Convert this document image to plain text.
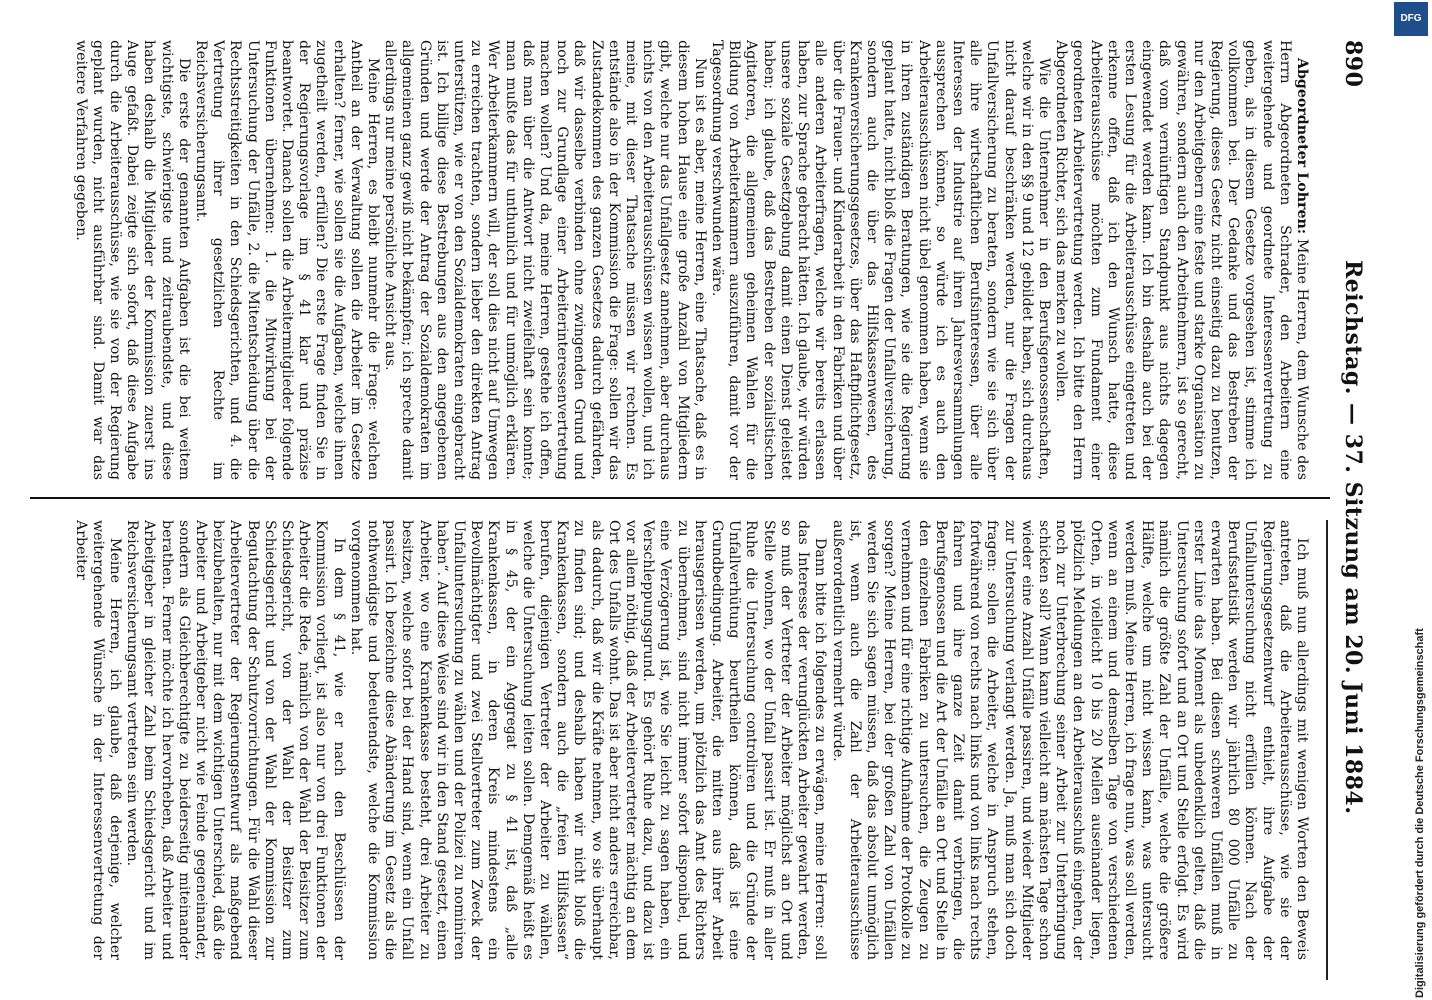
890
Reichstag. — 37. Sitzung am 20. Juni 1884.

Abgeordneter Lohren: Meine Herren, dem Wunsche des Herrn Abgeordneten Schrader, den Arbeitern eine weitergehende und geordnete Interessenvertretung zu geben, als in diesem Gesetze vorgesehen ist, stimme ich vollkommen bei. Der Gedanke und das Bestreben der Regierung, dieses Gesetz nicht einseitig dazu zu benutzen, nur den Arbeitgebern eine feste und starke Organisation zu gewähren, sondern auch den Arbeitnehmern, ist so gerecht, daß vom vernünftigen Standpunkt aus nichts dagegen eingewendet werden kann. Ich bin deshalb auch bei der ersten Lesung für die Arbeiterausschüsse eingetreten und erkenne offen, daß ich den Wunsch hatte, diese Arbeiterausschüsse möchten zum Fundament einer geordneten Arbeitervertretung werden. Ich bitte den Herrn Abgeordneten Richter, sich das merken zu wollen.

Wie die Unternehmer in den Berufsgenossenschaften, welche wir in den §§ 9 und 12 gebildet haben, sich durchaus nicht darauf beschränken werden, nur die Fragen der Unfallversicherung zu beraten, sondern wie sie sich über alle ihre wirtschaftlichen Berufsinteressen, über alle Interessen der Industrie auf ihren Jahresversammlungen aussprechen können, so würde ich es auch den Arbeiterausschüssen nicht übel genommen haben, wenn sie in ihren zuständigen Beratungen, wie sie die Regierung geplant hatte, nicht bloß die Fragen der Unfallversicherung, sondern auch die über das Hilfskassenwesen, des Krankenversicherungsgesetzes, über das Haftpflichtgesetz, über die Frauen- und Kinderarbeit in den Fabriken und über alle anderen Arbeiterfragen, welche wir bereits erlassen haben, zur Sprache gebracht hätten. Ich glaube, wir würden unsere soziale Gesetzgebung damit einen Dienst geleistet haben; ich glaube, daß das Bestreben der sozialistischen Agitatoren, die allgemeinen geheimen Wahlen für die Bildung von Arbeiterkammern auszuführen, damit vor der Tagesordnung verschwunden wäre.

Nun ist es aber, meine Herren, eine Thatsache, daß es in diesem hohen Hause eine große Anzahl von Mitgliedern gibt, welche nur das Unfallgesetz annehmen, aber durchaus nichts von den Arbeiterausschüssen wissen wollen, und ich meine, mit dieser Thatsache müssen wir rechnen. Es entstände also in der Kommission die Frage: sollen wir das Zustandekommen des ganzen Gesetzes dadurch gefährden, daß wir dasselbe verbinden ohne zwingenden Grund und noch zur Grundlage einer Arbeiterinteressenvertretung machen wollen? Und da, meine Herren, gestehe ich offen, daß man über die Antwort nicht zweifelhaft sein konnte; man mußte das für unthunlich und für unmöglich erklären. Wer Arbeiterkammern will, der soll dies nicht auf Umwegen zu erreichen trachten, sondern lieber den direkten Antrag unterstützen, wie er von den Sozialdemokraten eingebracht ist. Ich billige diese Bestrebungen aus den angegebenen Gründen und werde der Antrag der Sozialdemokraten im allgemeinen ganz gewiß nicht bekämpfen; ich spreche damit allerdings nur meine persönliche Ansicht aus.

Meine Herren, es bleibt nunmehr die Frage: welchen Antheil an der Verwaltung sollen die Arbeiter im Gesetze erhalten? ferner, wie sollen sie die Aufgaben, welche ihnen zugetheilt werden, erfüllen? Die erste Frage finden Sie in der Regierungsvorlage im § 41 klar und präzise beantwortet. Danach sollen die Arbeitermitglieder folgende Funktionen übernehmen: 1. die Mitwirkung bei der Untersuchung der Unfälle, 2. die Mitentscheidung über die Rechtsstreitigkeiten in den Schiedsgerichten, und 4. die Vertretung ihrer gesetzlichen Rechte im Reichsversicherungsamt.

Die erste der genannten Aufgaben ist die bei weitem wichtigste, schwierigste und zeitraubendste, und diese haben deshalb die Mitglieder der Kommission zuerst ins Auge gefaßt. Dabei zeigte sich sofort, daß diese Aufgabe durch die Arbeiterausschüsse, wie sie von der Regierung geplant wurden, nicht ausführbar sind. Damit war das weitere Verfahren gegeben.

Ich muß nun allerdings mit wenigen Worten den Beweis antreten, daß die Arbeiterausschüsse, wie sie der Regierungsgesetzentwurf enthielt, ihre Aufgabe der Unfalluntersuchung nicht erfüllen können. Nach der Berufsstatistik werden wir jährlich 80 000 Unfälle zu erwarten haben. Bei diesen schweren Unfällen muß in erster Linie das Moment als unbedenklich gelten, daß die Untersuchung sofort und an Ort und Stelle erfolgt. Es wird nämlich die größte Zahl der Unfälle, welche die größere Hälfte, welche um nicht wissen kann, was untersucht werden muß. Meine Herren, ich frage nun, was soll werden, wenn an einem und demselben Tage von verschiedenen Orten, in vielleicht 10 bis 20 Meilen auseinander liegen, plötzlich Meldungen an den Arbeiterausschuß eingehen, der noch zur Unterbrechung seiner Arbeit zur Unterbringung schicken soll? Wann kann vielleicht am nächsten Tage schon wieder eine Anzahl Unfälle passiren, und wieder Mitglieder zur Untersuchung verlangt werden. Ja, muß man sich doch fragen: sollen die Arbeiter, welche in Anspruch stehen, fortwährend von rechts nach links und von links nach rechts fahren und ihre ganze Zeit damit verbringen, die Berufsgenossen und die Art der Unfälle an Ort und Stelle in den einzelnen Fabriken zu untersuchen, die Zeugen zu vernehmen und für eine richtige Aufnahme der Protokolle zu sorgen? Meine Herren, bei der großen Zahl von Unfällen werden Sie sich sagen müssen, daß das absolut unmöglich ist, wenn auch die Zahl der Arbeiterausschüsse außerordentlich vermehrt würde.

Dann bitte ich folgendes zu erwägen, meine Herren: soll das Interesse der verunglückten Arbeiter gewahrt werden, so muß der Vertreter der Arbeiter möglichst an Ort und Stelle wohnen, wo der Unfall passirt ist. Er muß in aller Ruhe die Untersuchung controliren und die Gründe der Unfallverhütung beurtheilen können, daß ist eine Grundbedingung. Arbeiter, die mitten aus ihrer Arbeit herausgerissen werden, um plötzlich das Amt des Richters zu übernehmen, sind nicht immer sofort disponibel, und eine Verzögerung ist, wie Sie leicht zu sagen haben, ein Verschleppungsgrund. Es gehört Ruhe dazu, und dazu ist vor allem nöthig, daß der Arbeitervertreter mächtig an dem Ort des Unfalls wohnt. Das ist aber nicht anders erreichbar, als dadurch, daß wir die Kräfte nehmen, wo sie überhaupt zu finden sind; und deshalb haben wir nicht bloß die Krankenkassen, sondern auch die „freien Hilfskassen“ berufen, diejenigen Vertreter der Arbeiter zu wählen, welche die Untersuchung leiten sollen. Demgemäß heißt es in § 45, der ein Aggregat zu § 41 ist, daß „alle Krankenkassen, in deren Kreis mindestens ein Bevollmächtigter und zwei Stellvertreter zum Zweck der Unfalluntersuchung zu wählen und der Polizei zu nominiren haben“. Auf diese Weise sind wir in den Stand gesetzt, einen Arbeiter, wo eine Krankenkasse besteht, drei Arbeiter zu besitzen, welche sofort bei der Hand sind, wenn ein Unfall passirt. Ich bezeichne diese Abänderung im Gesetz als die nothwendigste und bedeutendste, welche die Kommission vorgenommen hat.

In dem § 41, wie er nach den Beschlüssen der Kommission vorliegt, ist also nur von drei Funktionen der Arbeiter die Rede, nämlich von der Wahl der Beisitzer zum Schiedsgericht, von der Wahl der Beisitzer zum Schiedsgericht und von der Wahl der Kommission zur Begutachtung der Schutzvorrichtungen. Für die Wahl dieser Arbeitervertreter der Regierungsentwurf als maßgebend beizubehalten, nur mit dem wichtigen Unterschied, daß die Arbeiter und Arbeitgeber nicht wie Feinde gegeneinander, sondern als Gleichberechtigte zu beiderseitig miteinander berathen. Ferner möchte ich hervorheben, daß Arbeiter und Arbeitgeber in gleicher Zahl beim Schiedsgericht und im Reichsversicherungsamt vertreten sein werden.

Meine Herren, ich glaube, daß derjenige, welcher weitergehende Wünsche in der Interessenvertretung der Arbeiter

DFG
Digitalisierung gefördert durch die Deutsche Forschungsgemeinschaft
